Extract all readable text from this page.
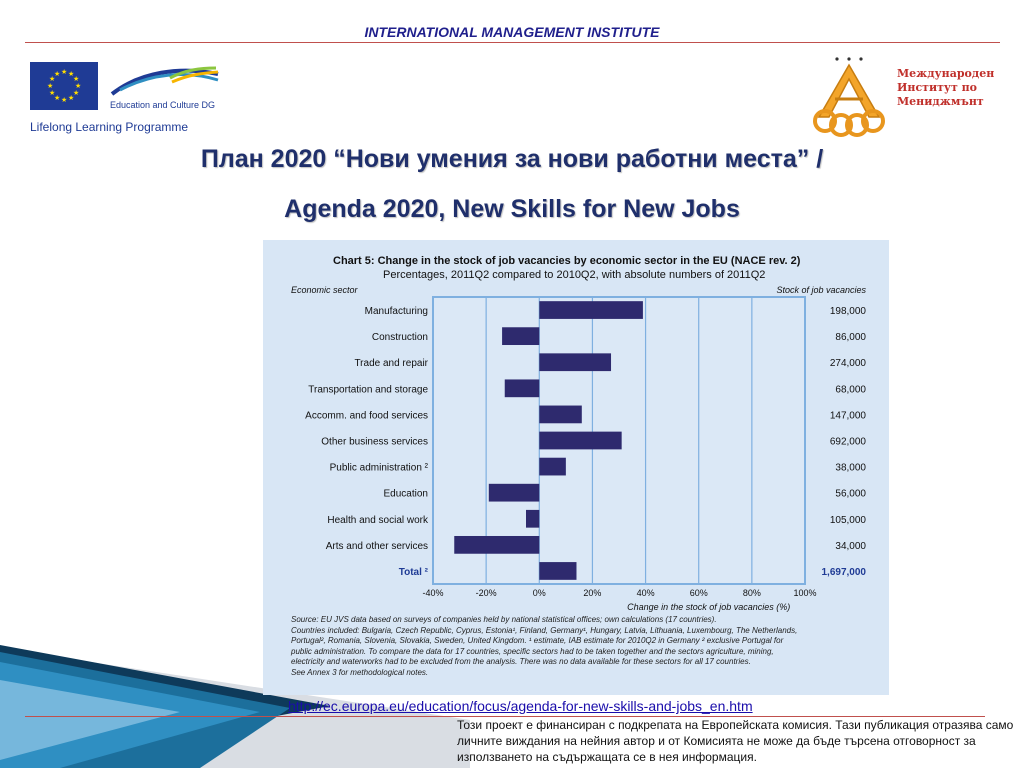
INTERNATIONAL MANAGEMENT INSTITUTE
★ ★
★
★
★
★
★
★
★
★
★
★
Education and Culture DG
Lifelong Learning Programme
Международен
Институт по
Мениджмънт
План 2020 “Нови умения за нови работни места” /
Agenda 2020, New Skills for New Jobs
Chart 5: Change in the stock of job vacancies by economic sector in the EU (NACE rev. 2)
Percentages, 2011Q2 compared to 2010Q2, with absolute numbers of 2011Q2
Economic sector	Stock of job vacancies
-40%	-20%	0%	20%	40%	60%	80%	100%
Change in the stock of job vacancies (%)
Manufacturing	198,000
Construction	86,000
Trade and repair	274,000
Transportation and storage	68,000
Accomm. and food services	147,000
Other business services	692,000
Public administration ²	38,000
Education	56,000
Health and social work	105,000
Arts and other services	34,000
Total ²	1,697,000
Source: EU JVS data based on surveys of companies held by national statistical offices; own calculations (17 countries).
Countries included: Bulgaria, Czech Republic, Cyprus, Estonia¹, Finland, Germany¹, Hungary, Latvia, Lithuania, Luxembourg, The Netherlands,
Portugal², Romania, Slovenia, Slovakia, Sweden, United Kingdom. ¹ estimate, IAB estimate for 2010Q2 in Germany ² exclusive Portugal for
public administration. To compare the data for 17 countries, specific sectors had to be taken together and the sectors agriculture, mining,
electricity and waterworks had to be excluded from the analysis. There was no data available for these sectors for all 17 countries.
See Annex 3 for methodological notes.
http://ec.europa.eu/education/focus/agenda-for-new-skills-and-jobs_en.htm
Този проект е финансиран с подкрепата на Европейската комисия. Тази публикация отразява само личните виждания на нейния автор и от Комисията не може да бъде търсена отговорност за използването на съдържащата се в нея информация.
